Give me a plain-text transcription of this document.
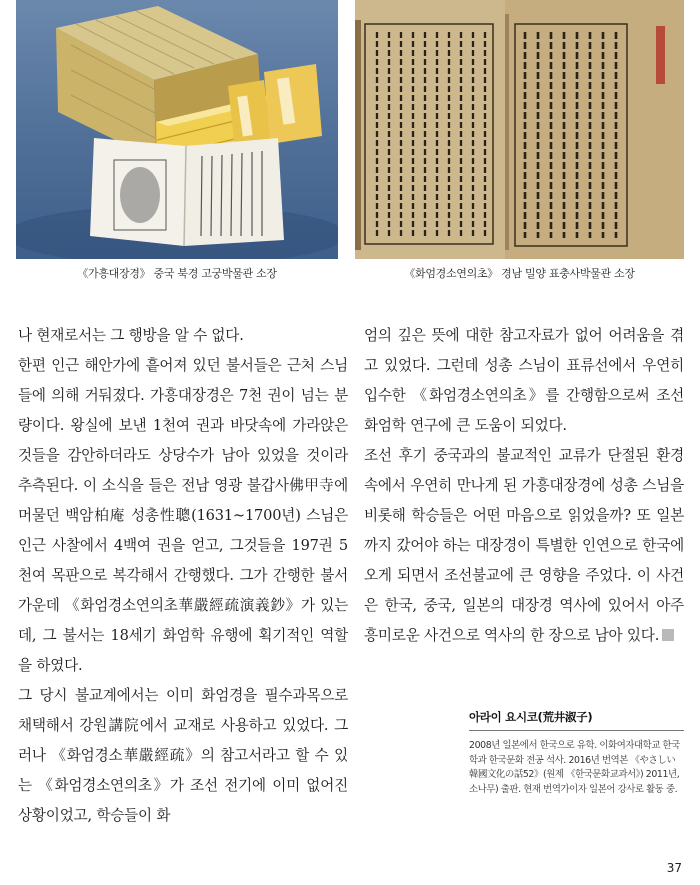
《가흥대장경》 중국 북경 고궁박물관 소장	《화엄경소연의초》 경남 밀양 표충사박물관 소장

나 현재로서는 그 행방을 알 수 없다.

한편 인근 해안가에 흩어져 있던 불서들은 근처 스님들에 의해 거둬졌다. 가흥대장경은 7천 권이 넘는 분량이다. 왕실에 보낸 1천여 권과 바닷속에 가라앉은 것들을 감안하더라도 상당수가 남아 있었을 것이라 추측된다. 이 소식을 들은 전남 영광 불갑사佛甲寺에 머물던 백암柏庵 성총性聰(1631~1700년) 스님은 인근 사찰에서 4백여 권을 얻고, 그것들을 197권 5천여 목판으로 복각해서 간행했다. 그가 간행한 불서 가운데 《화엄경소연의초華嚴經疏演義鈔》가 있는데, 그 불서는 18세기 화엄학 유행에 획기적인 역할을 하였다.

그 당시 불교계에서는 이미 화엄경을 필수과목으로 채택해서 강원講院에서 교재로 사용하고 있었다. 그러나 《화엄경소華嚴經疏》의 참고서라고 할 수 있는 《화엄경소연의초》가 조선 전기에 이미 없어진 상황이었고, 학승들이 화

엄의 깊은 뜻에 대한 참고자료가 없어 어려움을 겪고 있었다. 그런데 성총 스님이 표류선에서 우연히 입수한 《화엄경소연의초》를 간행함으로써 조선 화엄학 연구에 큰 도움이 되었다.

조선 후기 중국과의 불교적인 교류가 단절된 환경 속에서 우연히 만나게 된 가흥대장경에 성총 스님을 비롯해 학승들은 어떤 마음으로 읽었을까? 또 일본까지 갔어야 하는 대장경이 특별한 인연으로 한국에 오게 되면서 조선불교에 큰 영향을 주었다. 이 사건은 한국, 중국, 일본의 대장경 역사에 있어서 아주 흥미로운 사건으로 역사의 한 장으로 남아 있다.

아라이 요시코(荒井淑子)
2008년 일본에서 한국으로 유학. 이화여자대학교 한국학과 한국문화 전공 석사. 2016년 번역본 《やさしい韓國文化の話52》(원제 《한국문화교과서》) 2011년, 소나무) 출판. 현재 번역가이자 일본어 강사로 활동 중.
37
